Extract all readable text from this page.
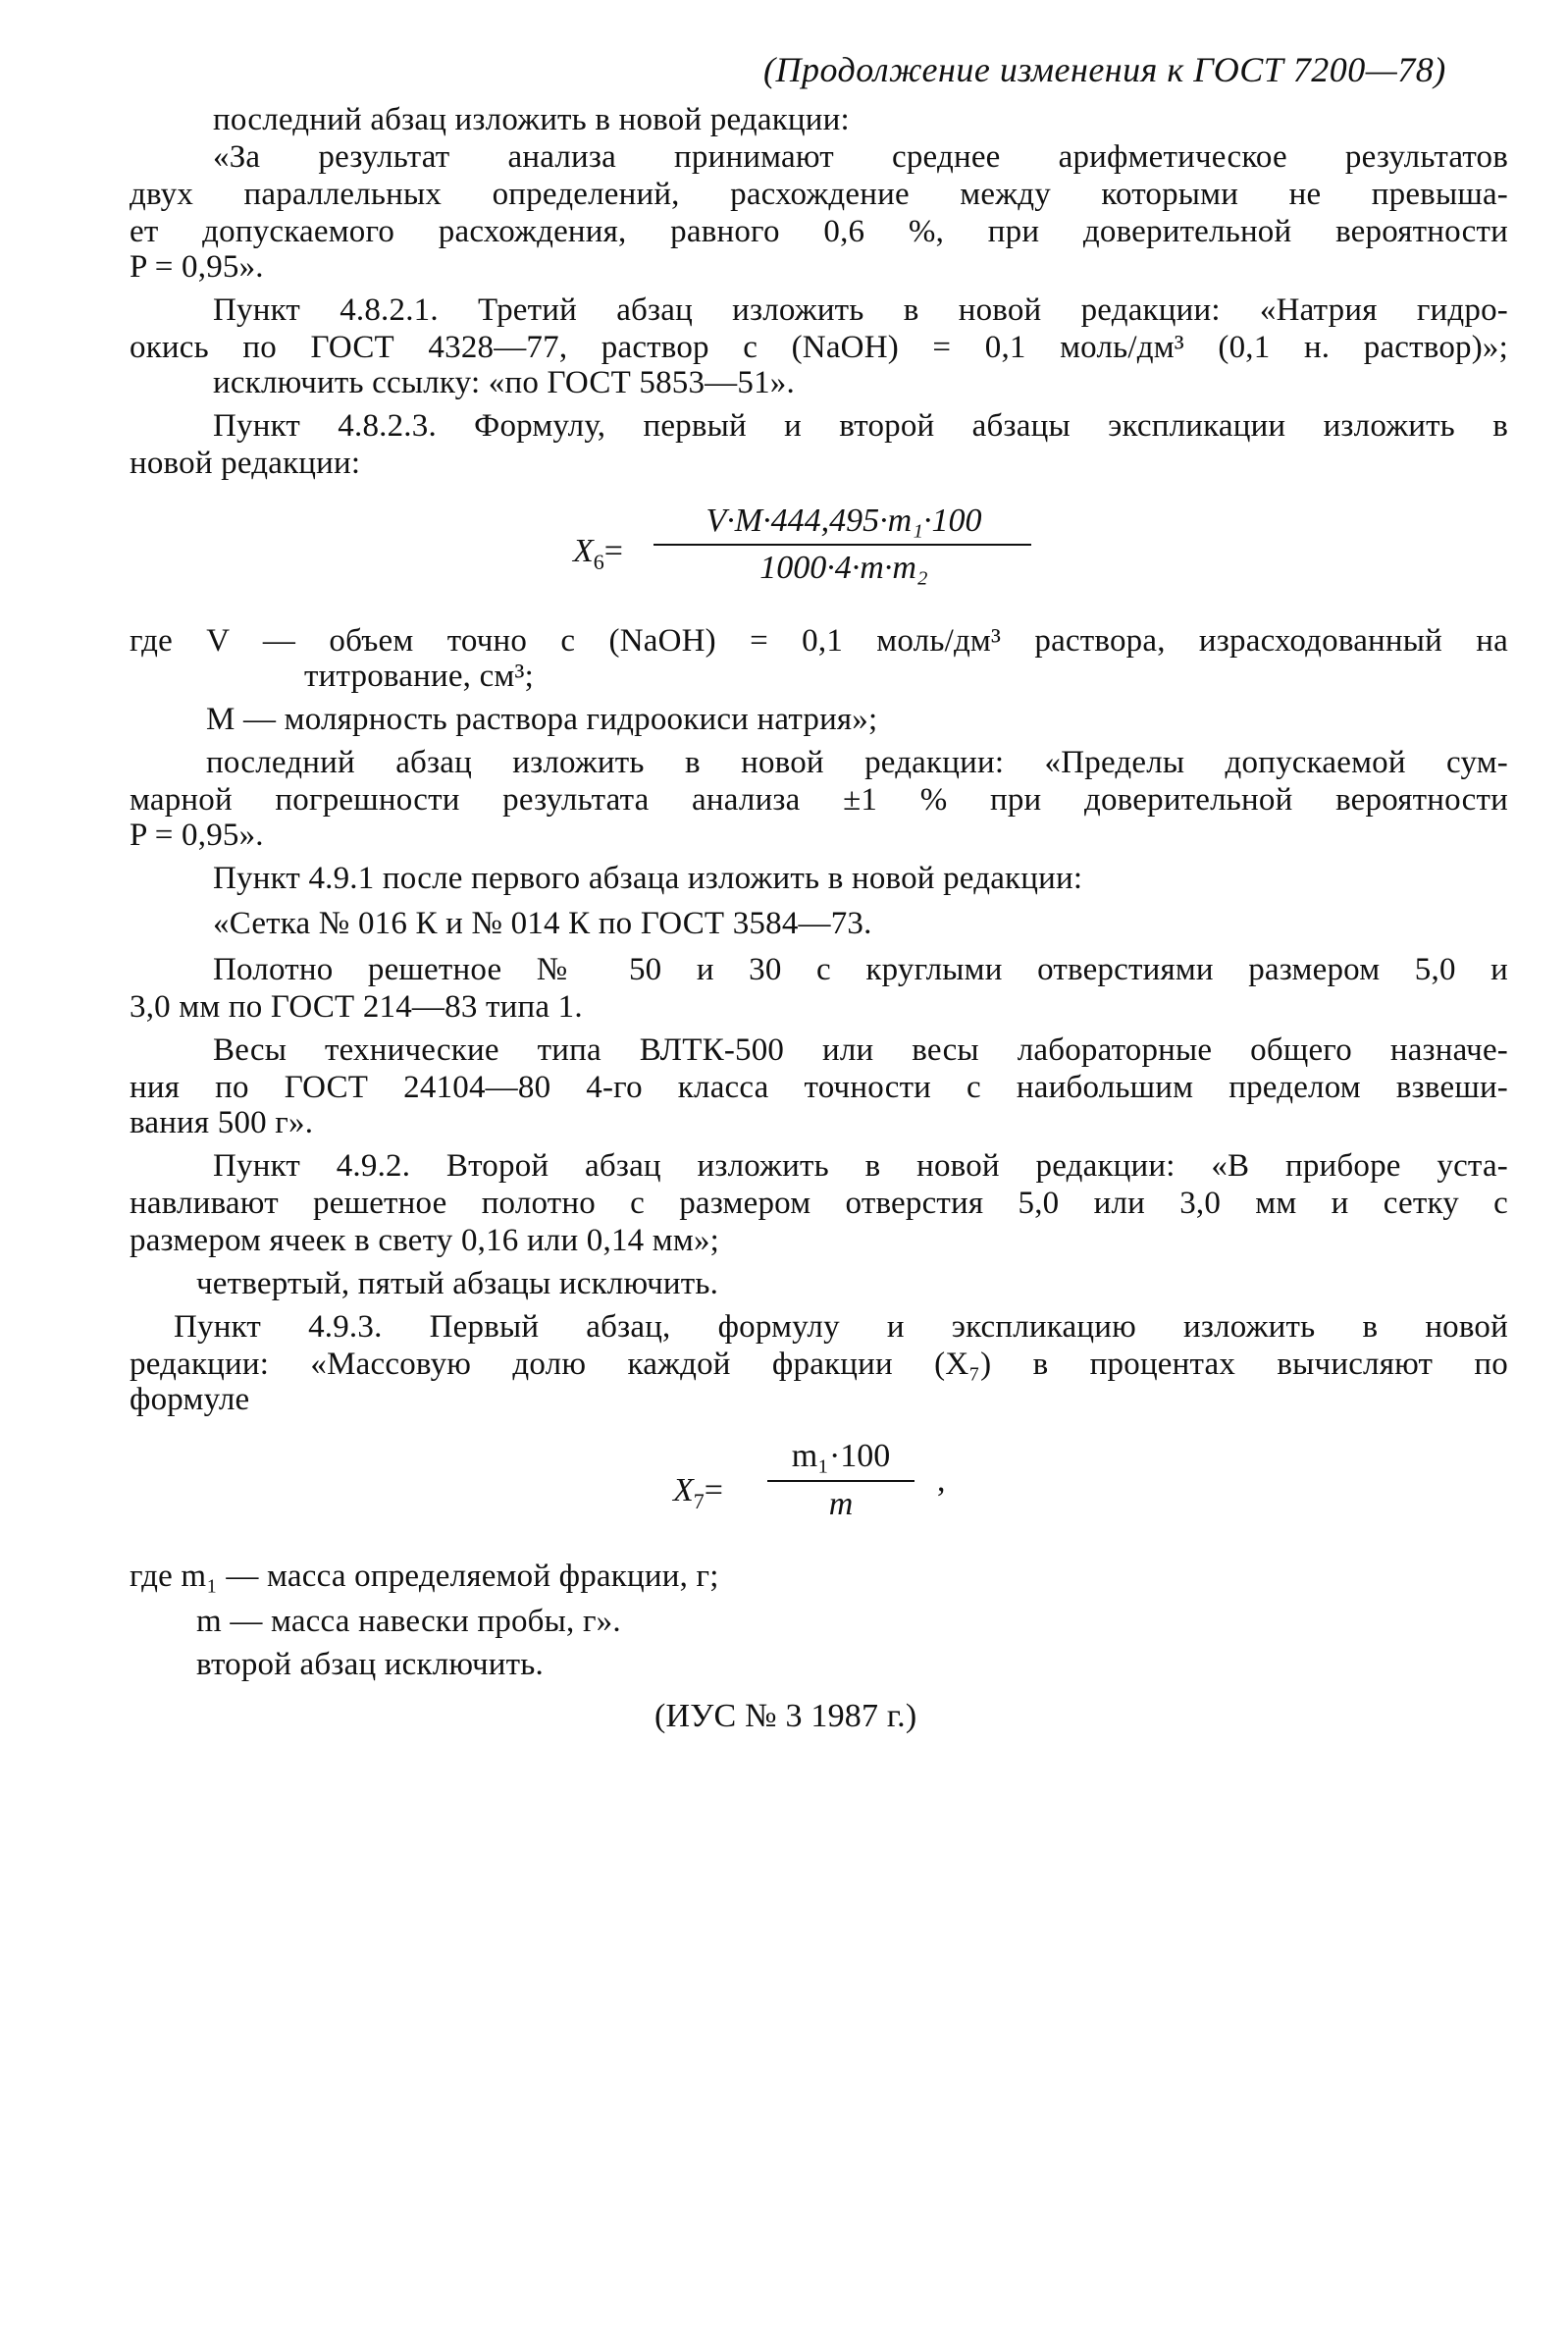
(Продолжение изменения к ГОСТ 7200—78)
последний абзац изложить в новой редакции:
«За результат анализа принимают среднее арифметическое результатов
двух параллельных определений, расхождение между которыми не превыша-
ет допускаемого расхождения, равного 0,6 %, при доверительной вероятности
P = 0,95».
Пункт 4.8.2.1. Третий абзац изложить в новой редакции: «Натрия гидро-
окись по ГОСТ 4328—77, раствор c (NaOH) = 0,1 моль/дм³ (0,1 н. раствор)»;
исключить ссылку: «по ГОСТ 5853—51».
Пункт 4.8.2.3. Формулу, первый и второй абзацы экспликации изложить в
новой редакции:
$X_6=$
V·M·444,495·m₁·100
1000·4·m·m₂
где V — объем точно c (NaOH) = 0,1 моль/дм³ раствора, израсходованный на
титрование, см³;
M — молярность раствора гидроокиси натрия»;
последний абзац изложить в новой редакции: «Пределы допускаемой сум-
марной погрешности результата анализа ±1 % при доверительной вероятности
P = 0,95».
Пункт 4.9.1 после первого абзаца изложить в новой редакции:
«Сетка № 016 К и № 014 К по ГОСТ 3584—73.
Полотно решетное № 50 и 30 с круглыми отверстиями размером 5,0 и
3,0 мм по ГОСТ 214—83 типа 1.
Весы технические типа ВЛТК-500 или весы лабораторные общего назначе-
ния по ГОСТ 24104—80 4-го класса точности с наибольшим пределом взвеши-
вания 500 г».
Пункт 4.9.2. Второй абзац изложить в новой редакции: «В приборе уста-
навливают решетное полотно с размером отверстия 5,0 или 3,0 мм и сетку с
размером ячеек в свету 0,16 или 0,14 мм»;
четвертый, пятый абзацы исключить.
Пункт 4.9.3. Первый абзац, формулу и экспликацию изложить в новой
редакции: «Массовую долю каждой фракции (X₇) в процентах вычисляют по
формуле
$X_7=$
m₁·100
m
,
где m₁ — масса определяемой фракции, г;
m — масса навески пробы, г».
второй абзац исключить.
(ИУС № 3 1987 г.)
